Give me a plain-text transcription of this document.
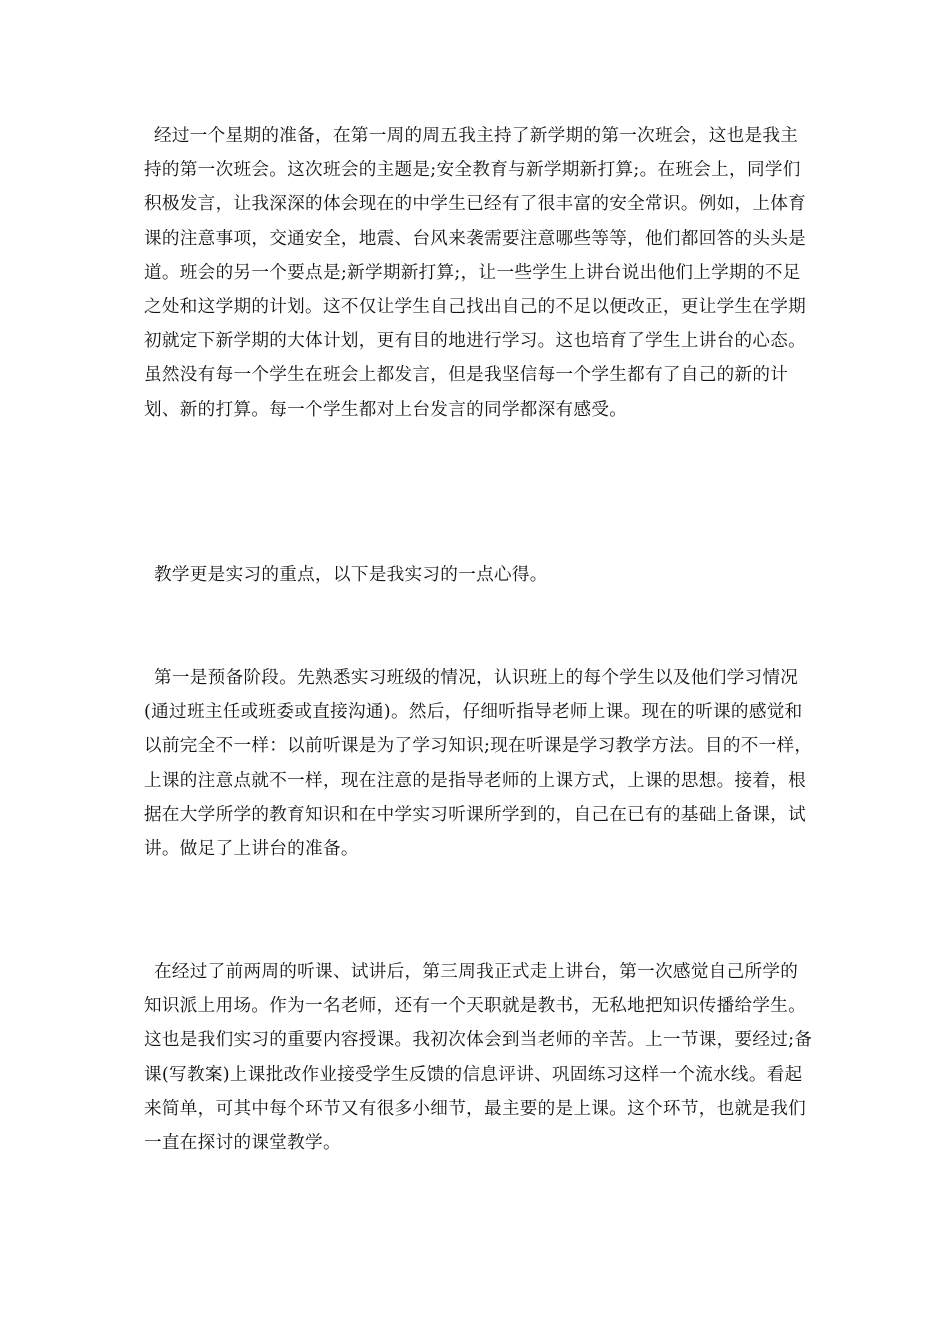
经过一个星期的准备，在第一周的周五我主持了新学期的第一次班会，这也是我主持的第一次班会。这次班会的主题是;安全教育与新学期新打算;。在班会上，同学们积极发言，让我深深的体会现在的中学生已经有了很丰富的安全常识。例如，上体育课的注意事项，交通安全，地震、台风来袭需要注意哪些等等，他们都回答的头头是道。班会的另一个要点是;新学期新打算;，让一些学生上讲台说出他们上学期的不足之处和这学期的计划。这不仅让学生自己找出自己的不足以便改正，更让学生在学期初就定下新学期的大体计划，更有目的地进行学习。这也培育了学生上讲台的心态。虽然没有每一个学生在班会上都发言，但是我坚信每一个学生都有了自己的新的计划、新的打算。每一个学生都对上台发言的同学都深有感受。

教学更是实习的重点，以下是我实习的一点心得。

第一是预备阶段。先熟悉实习班级的情况，认识班上的每个学生以及他们学习情况(通过班主任或班委或直接沟通)。然后，仔细听指导老师上课。现在的听课的感觉和以前完全不一样：以前听课是为了学习知识;现在听课是学习教学方法。目的不一样，上课的注意点就不一样，现在注意的是指导老师的上课方式，上课的思想。接着，根据在大学所学的教育知识和在中学实习听课所学到的，自己在已有的基础上备课，试讲。做足了上讲台的准备。

在经过了前两周的听课、试讲后，第三周我正式走上讲台，第一次感觉自己所学的知识派上用场。作为一名老师，还有一个天职就是教书，无私地把知识传播给学生。这也是我们实习的重要内容授课。我初次体会到当老师的辛苦。上一节课，要经过;备课(写教案)上课批改作业接受学生反馈的信息评讲、巩固练习这样一个流水线。看起来简单，可其中每个环节又有很多小细节，最主要的是上课。这个环节，也就是我们一直在探讨的课堂教学。
